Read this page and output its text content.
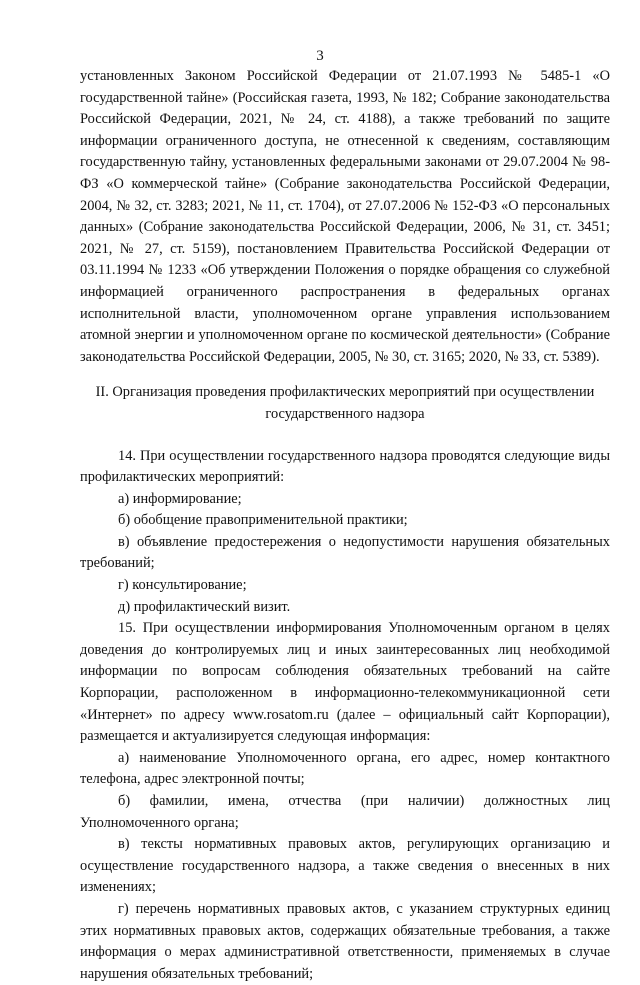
3

установленных Законом Российской Федерации от 21.07.1993 № 5485-1 «О государственной тайне» (Российская газета, 1993, № 182; Собрание законодательства Российской Федерации, 2021, № 24, ст. 4188), а также требований по защите информации ограниченного доступа, не отнесенной к сведениям, составляющим государственную тайну, установленных федеральными законами от 29.07.2004 № 98-ФЗ «О коммерческой тайне» (Собрание законодательства Российской Федерации, 2004, № 32, ст. 3283; 2021, № 11, ст. 1704), от 27.07.2006 № 152-ФЗ «О персональных данных» (Собрание законодательства Российской Федерации, 2006, № 31, ст. 3451; 2021, № 27, ст. 5159), постановлением Правительства Российской Федерации от 03.11.1994 № 1233 «Об утверждении Положения о порядке обращения со служебной информацией ограниченного распространения в федеральных органах исполнительной власти, уполномоченном органе управления использованием атомной энергии и уполномоченном органе по космической деятельности» (Собрание законодательства Российской Федерации, 2005, № 30, ст. 3165; 2020, № 33, ст. 5389).

II. Организация проведения профилактических мероприятий при осуществлении государственного надзора

14. При осуществлении государственного надзора проводятся следующие виды профилактических мероприятий:

а) информирование;

б) обобщение правоприменительной практики;

в) объявление предостережения о недопустимости нарушения обязательных требований;

г) консультирование;

д) профилактический визит.

15. При осуществлении информирования Уполномоченным органом в целях доведения до контролируемых лиц и иных заинтересованных лиц необходимой информации по вопросам соблюдения обязательных требований на сайте Корпорации, расположенном в информационно-телекоммуникационной сети «Интернет» по адресу www.rosatom.ru (далее – официальный сайт Корпорации), размещается и актуализируется следующая информация:

а) наименование Уполномоченного органа, его адрес, номер контактного телефона, адрес электронной почты;

б) фамилии, имена, отчества (при наличии) должностных лиц Уполномоченного органа;

в) тексты нормативных правовых актов, регулирующих организацию и осуществление государственного надзора, а также сведения о внесенных в них изменениях;

г) перечень нормативных правовых актов, с указанием структурных единиц этих нормативных правовых актов, содержащих обязательные требования, а также информация о мерах административной ответственности, применяемых в случае нарушения обязательных требований;
